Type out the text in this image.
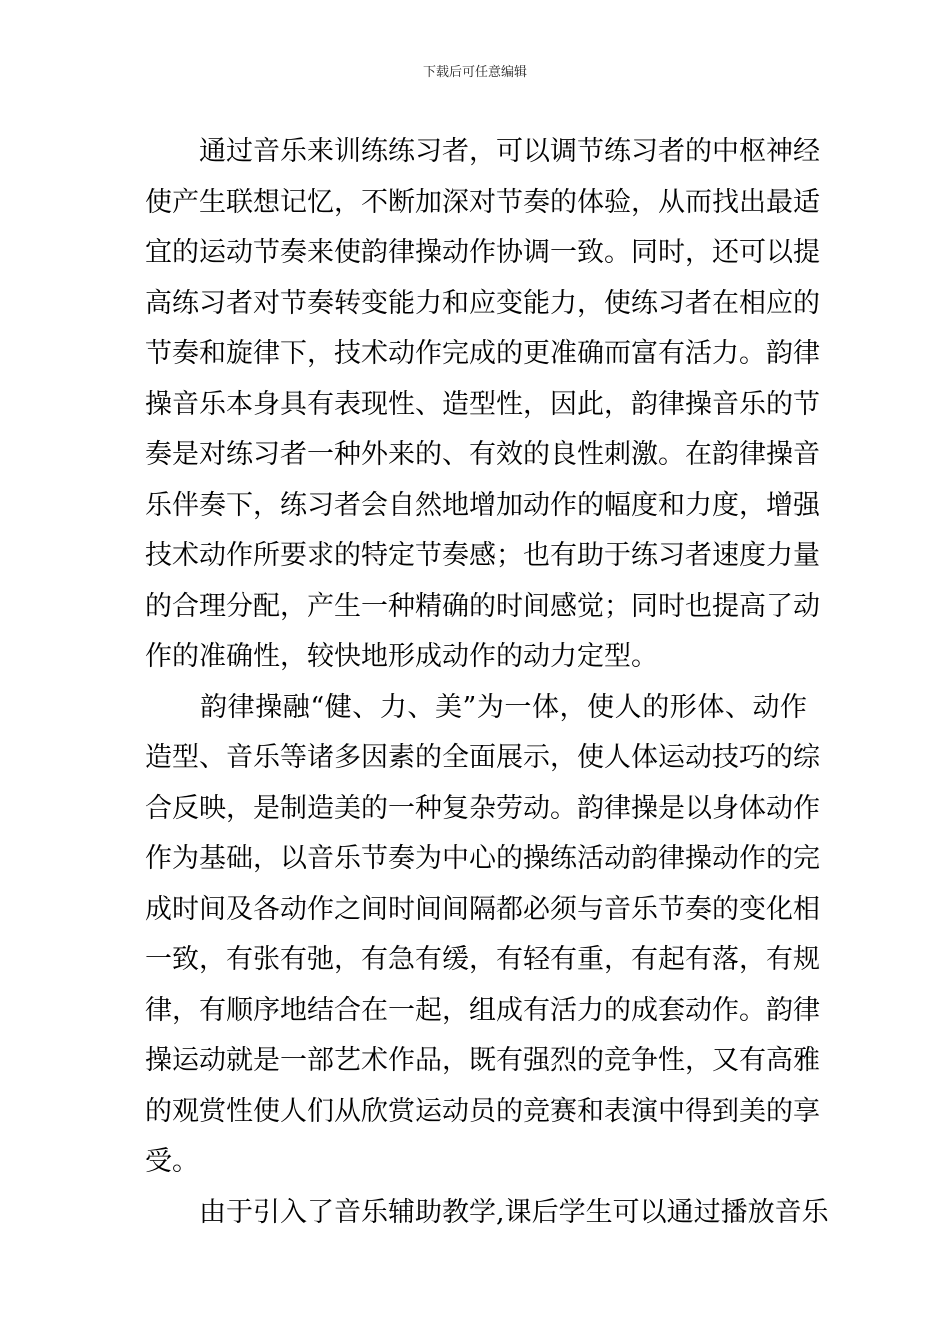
下载后可任意编辑
　　通过音乐来训练练习者，可以调节练习者的中枢神经
使产生联想记忆，不断加深对节奏的体验，从而找出最适
宜的运动节奏来使韵律操动作协调一致。同时，还可以提
高练习者对节奏转变能力和应变能力，使练习者在相应的
节奏和旋律下，技术动作完成的更准确而富有活力。韵律
操音乐本身具有表现性、造型性，因此，韵律操音乐的节
奏是对练习者一种外来的、有效的良性刺激。在韵律操音
乐伴奏下，练习者会自然地增加动作的幅度和力度，增强
技术动作所要求的特定节奏感；也有助于练习者速度力量
的合理分配，产生一种精确的时间感觉；同时也提高了动
作的准确性，较快地形成动作的动力定型。
　　韵律操融“健、力、美”为一体，使人的形体、动作
造型、音乐等诸多因素的全面展示，使人体运动技巧的综
合反映，是制造美的一种复杂劳动。韵律操是以身体动作
作为基础，以音乐节奏为中心的操练活动韵律操动作的完
成时间及各动作之间时间间隔都必须与音乐节奏的变化相
一致，有张有弛，有急有缓，有轻有重，有起有落，有规
律，有顺序地结合在一起，组成有活力的成套动作。韵律
操运动就是一部艺术作品，既有强烈的竞争性，又有高雅
的观赏性使人们从欣赏运动员的竞赛和表演中得到美的享
受。
　　由于引入了音乐辅助教学,课后学生可以通过播放音乐
